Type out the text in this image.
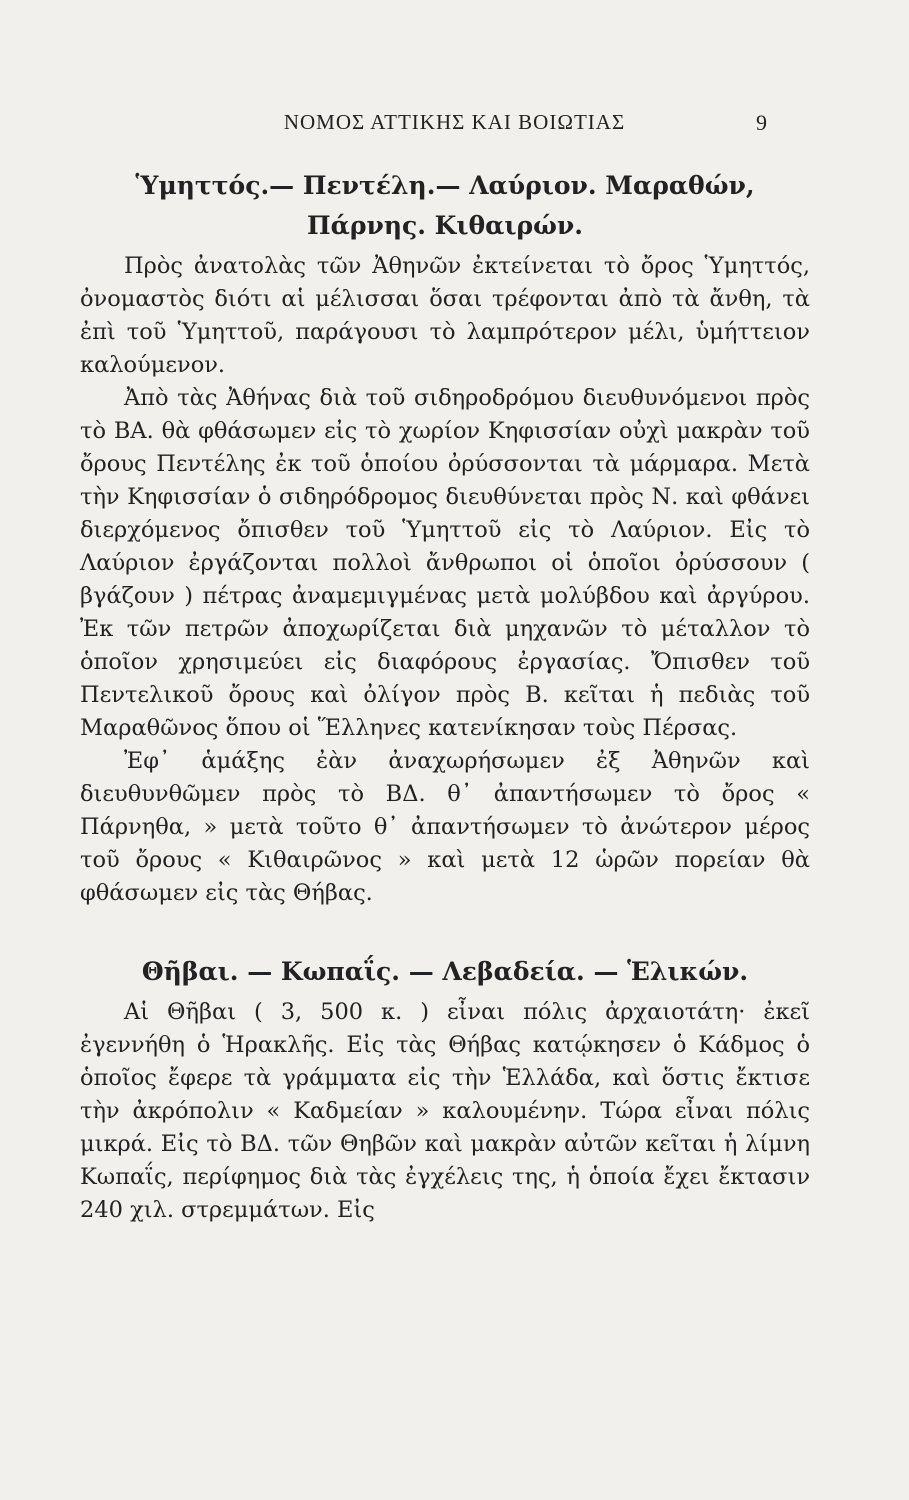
ΝΟΜΟΣ ΑΤΤΙΚΗΣ ΚΑΙ ΒΟΙΩΤΙΑΣ	9
Ὑμηττός.— Πεντέλη.— Λαύριον. Μαραθών,
Πάρνης. Κιθαιρών.

Πρὸς ἀνατολὰς τῶν Ἀθηνῶν ἐκτείνεται τὸ ὄρος Ὑμηττός, ὀνομαστὸς διότι αἱ μέλισσαι ὅσαι τρέφονται ἀπὸ τὰ ἄνθη, τὰ ἐπὶ τοῦ Ὑμηττοῦ, παράγουσι τὸ λαμπρότερον μέλι, ὑμήττειον καλούμενον.

Ἀπὸ τὰς Ἀθήνας διὰ τοῦ σιδηροδρόμου διευθυνόμενοι πρὸς τὸ ΒΑ. θὰ φθάσωμεν εἰς τὸ χωρίον Κηφισσίαν οὐχὶ μακρὰν τοῦ ὄρους Πεντέλης ἐκ τοῦ ὁποίου ὀρύσσονται τὰ μάρμαρα. Μετὰ τὴν Κηφισσίαν ὁ σιδηρόδρομος διευθύνεται πρὸς Ν. καὶ φθάνει διερχόμενος ὄπισθεν τοῦ Ὑμηττοῦ εἰς τὸ Λαύριον. Εἰς τὸ Λαύριον ἐργάζονται πολλοὶ ἄνθρωποι οἱ ὁποῖοι ὀρύσσουν ( βγάζουν ) πέτρας ἀναμεμιγμένας μετὰ μολύβδου καὶ ἀργύρου. Ἐκ τῶν πετρῶν ἀποχωρίζεται διὰ μηχανῶν τὸ μέταλλον τὸ ὁποῖον χρησιμεύει εἰς διαφόρους ἐργασίας. Ὄπισθεν τοῦ Πεντελικοῦ ὄρους καὶ ὀλίγον πρὸς Β. κεῖται ἡ πεδιὰς τοῦ Μαραθῶνος ὅπου οἱ Ἕλληνες κατενίκησαν τοὺς Πέρσας.

Ἐφ᾽ ἁμάξης ἐὰν ἀναχωρήσωμεν ἐξ Ἀθηνῶν καὶ διευθυνθῶμεν πρὸς τὸ ΒΔ. θ᾽ ἀπαντήσωμεν τὸ ὄρος « Πάρνηθα, » μετὰ τοῦτο θ᾽ ἀπαντήσωμεν τὸ ἀνώτερον μέρος τοῦ ὄρους « Κιθαιρῶνος » καὶ μετὰ 12 ὡρῶν πορείαν θὰ φθάσωμεν εἰς τὰς Θήβας.

Θῆβαι. — Κωπαΐς. — Λεβαδεία. — Ἑλικών.

Αἱ Θῆβαι ( 3, 500 κ. ) εἶναι πόλις ἀρχαιοτάτη· ἐκεῖ ἐγεννήθη ὁ Ἡρακλῆς. Εἰς τὰς Θήβας κατῴκησεν ὁ Κάδμος ὁ ὁποῖος ἔφερε τὰ γράμματα εἰς τὴν Ἑλλάδα, καὶ ὅστις ἔκτισε τὴν ἀκρόπολιν « Καδμείαν » καλουμένην. Τώρα εἶναι πόλις μικρά. Εἰς τὸ ΒΔ. τῶν Θηβῶν καὶ μακρὰν αὐτῶν κεῖται ἡ λίμνη Κωπαΐς, περίφημος διὰ τὰς ἐγχέλεις της, ἡ ὁποία ἔχει ἔκτασιν 240 χιλ. στρεμμάτων. Εἰς
